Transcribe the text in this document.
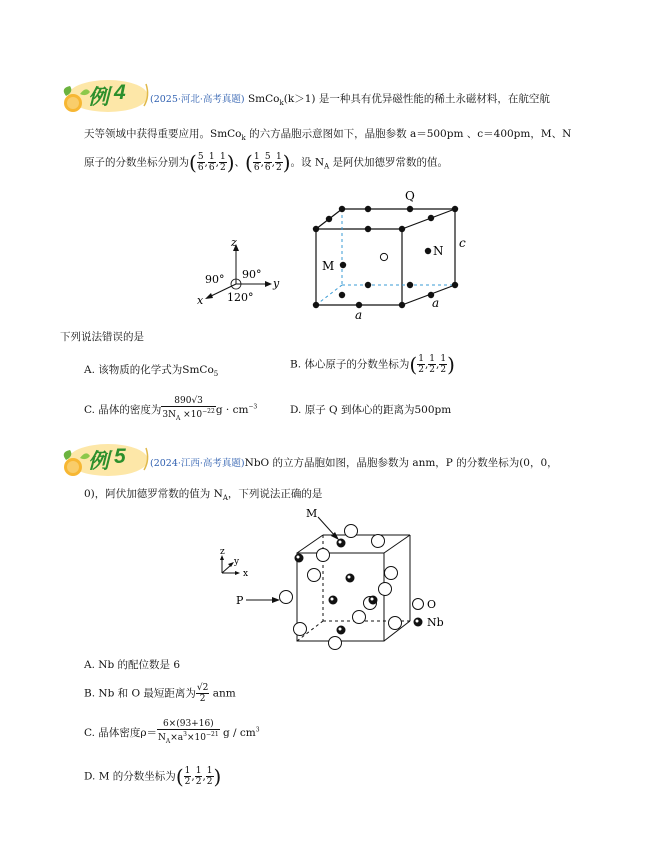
例 4	(2025·河北·高考真题) SmCo$_k$(k＞1) 是一种具有优异磁性能的稀土永磁材料，在航空航
天等领域中获得重要应用。SmCo$_k$ 的六方晶胞示意图如下，晶胞参数 a＝500pm 、c＝400pm，M、N
原子的分数坐标分别为( $\frac{5}{6}$ , $\frac{1}{6}$ , $\frac{1}{2}$ )、( $\frac{1}{6}$ , $\frac{5}{6}$ , $\frac{1}{2}$ )。设 $N_A$ 是阿伏加德罗常数的值。
z
y
x
90° 90°
120°
Q
N
M
c
a
a
下列说法错误的是
A. 该物质的化学式为SmCo$_5$
B. 体心原子的分数坐标为( $\frac{1}{2}$ , $\frac{1}{2}$ , $\frac{1}{2}$ )
C. 晶体的密度为 $\frac{890√3}{3N_A \times 10^{-22}}$ $g \cdot cm^{-3}$	D. 原子 Q 到体心的距离为500pm
例 5	(2024·江西·高考真题)NbO 的立方晶胞如图，晶胞参数为 anm，P 的分数坐标为(0，0，
0)，阿伏加德罗常数的值为 $N_A$，下列说法正确的是
M
P
z
y
x
O
Nb
A. Nb 的配位数是 6
B. Nb 和 O 最短距离为 $\frac{√2}{2}$ anm
C. 晶体密度$\rho= \frac{6\times(93+16)}{N_A\times a^3\times 10^{-21}}$ g / $cm^3$
D. M 的分数坐标为( $\frac{1}{2}$ , $\frac{1}{2}$ , $\frac{1}{2}$ )
